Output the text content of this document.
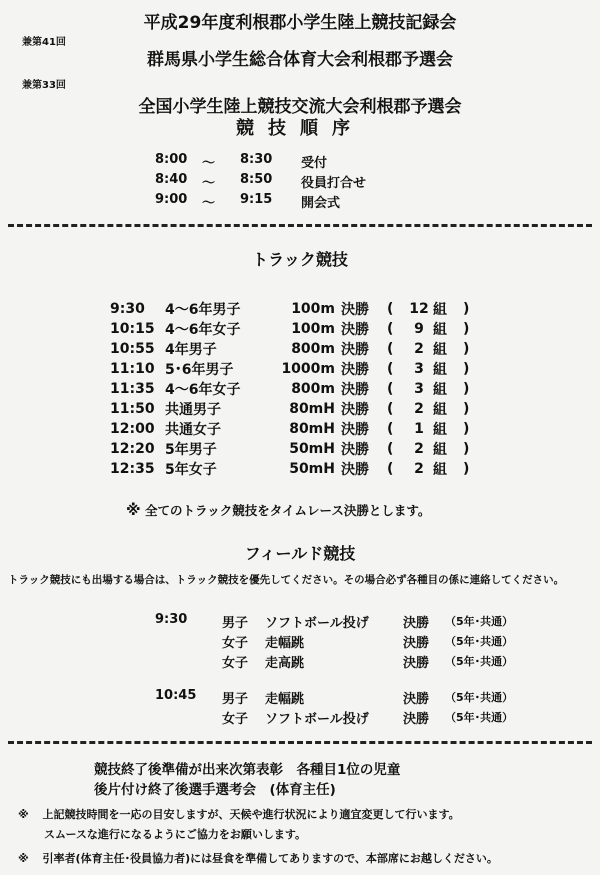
平成29年度利根郡小学生陸上競技記録会
兼第41回
群馬県小学生総合体育大会利根郡予選会
兼第33回
全国小学生陸上競技交流大会利根郡予選会
競技順序
8:00 〜 8:30 受付
8:40 〜 8:50 役員打合せ
9:00 〜 9:15 開会式
トラック競技
9:30	4〜6年男子	100m	決勝	(	12	組	)
10:15	4〜6年女子	100m	決勝	(	9	組	)
10:55	4年男子	800m	決勝	(	2	組	)
11:10	5･6年男子	1000m	決勝	(	3	組	)
11:35	4〜6年女子	800m	決勝	(	3	組	)
11:50	共通男子	80mH	決勝	(	2	組	)
12:00	共通女子	80mH	決勝	(	1	組	)
12:20	5年男子	50mH	決勝	(	2	組	)
12:35	5年女子	50mH	決勝	(	2	組	)
※ 全てのトラック競技をタイムレース決勝とします。
フィールド競技
トラック競技にも出場する場合は、トラック競技を優先してください。その場合必ず各種目の係に連絡してください。
9:30	男子 ソフトボール投げ	決勝 （5年･共通）
女子 走幅跳	決勝 （5年･共通）
女子 走高跳	決勝 （5年･共通）
10:45 男子 走幅跳	決勝 （5年･共通）
女子 ソフトボール投げ	決勝 （5年･共通）
競技終了後準備が出来次第表彰　各種目1位の児童
後片付け終了後選手選考会　(体育主任)
※ 上記競技時間を一応の目安しますが、天候や進行状況により適宜変更して行います。
スムースな進行になるようにご協力をお願いします。
※ 引率者(体育主任･役員協力者)には昼食を準備してありますので、本部席にお越しください。
